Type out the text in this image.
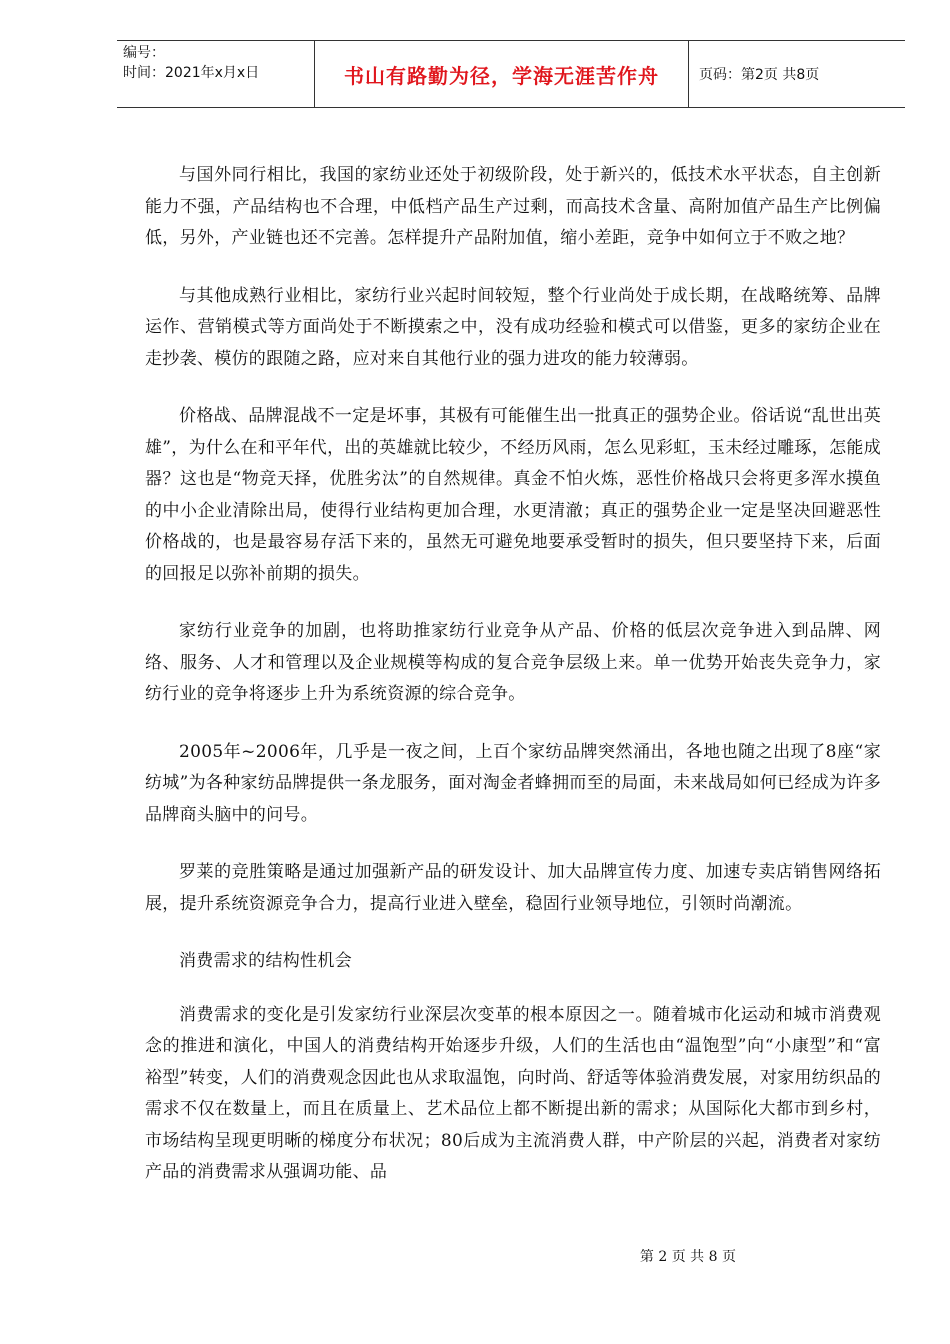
编号：
时间：2021年x月x日	书山有路勤为径，学海无涯苦作舟	页码：第2页 共8页

与国外同行相比，我国的家纺业还处于初级阶段，处于新兴的，低技术水平状态，自主创新能力不强，产品结构也不合理，中低档产品生产过剩，而高技术含量、高附加值产品生产比例偏低，另外，产业链也还不完善。怎样提升产品附加值，缩小差距，竞争中如何立于不败之地？

与其他成熟行业相比，家纺行业兴起时间较短，整个行业尚处于成长期，在战略统筹、品牌运作、营销模式等方面尚处于不断摸索之中，没有成功经验和模式可以借鉴，更多的家纺企业在走抄袭、模仿的跟随之路，应对来自其他行业的强力进攻的能力较薄弱。

价格战、品牌混战不一定是坏事，其极有可能催生出一批真正的强势企业。俗话说“乱世出英雄”，为什么在和平年代，出的英雄就比较少，不经历风雨，怎么见彩虹，玉未经过雕琢，怎能成器？这也是“物竞天择，优胜劣汰”的自然规律。真金不怕火炼，恶性价格战只会将更多浑水摸鱼的中小企业清除出局，使得行业结构更加合理，水更清澈；真正的强势企业一定是坚决回避恶性价格战的，也是最容易存活下来的，虽然无可避免地要承受暂时的损失，但只要坚持下来，后面的回报足以弥补前期的损失。

家纺行业竞争的加剧，也将助推家纺行业竞争从产品、价格的低层次竞争进入到品牌、网络、服务、人才和管理以及企业规模等构成的复合竞争层级上来。单一优势开始丧失竞争力，家纺行业的竞争将逐步上升为系统资源的综合竞争。

2005年~2006年，几乎是一夜之间，上百个家纺品牌突然涌出，各地也随之出现了8座“家纺城”为各种家纺品牌提供一条龙服务，面对淘金者蜂拥而至的局面，未来战局如何已经成为许多品牌商头脑中的问号。

罗莱的竞胜策略是通过加强新产品的研发设计、加大品牌宣传力度、加速专卖店销售网络拓展，提升系统资源竞争合力，提高行业进入壁垒，稳固行业领导地位，引领时尚潮流。

消费需求的结构性机会

消费需求的变化是引发家纺行业深层次变革的根本原因之一。随着城市化运动和城市消费观念的推进和演化，中国人的消费结构开始逐步升级，人们的生活也由“温饱型”向“小康型”和“富裕型”转变，人们的消费观念因此也从求取温饱，向时尚、舒适等体验消费发展，对家用纺织品的需求不仅在数量上，而且在质量上、艺术品位上都不断提出新的需求；从国际化大都市到乡村，市场结构呈现更明晰的梯度分布状况；80后成为主流消费人群，中产阶层的兴起，消费者对家纺产品的消费需求从强调功能、品

第 2 页 共 8 页
